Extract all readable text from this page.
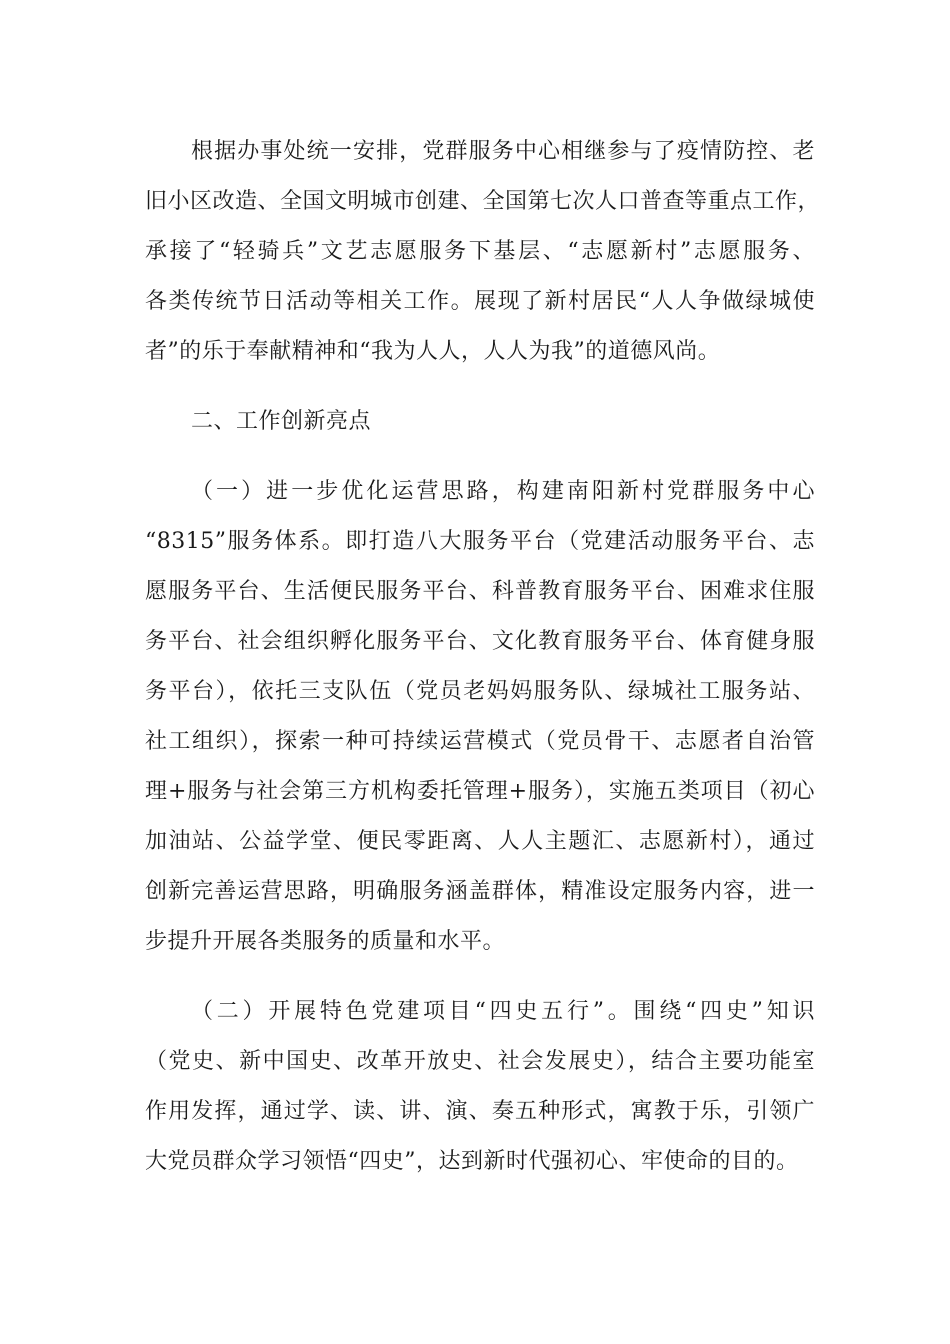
根据办事处统一安排，党群服务中心相继参与了疫情防控、老
旧小区改造、全国文明城市创建、全国第七次人口普查等重点工作，
承接了“轻骑兵”文艺志愿服务下基层、“志愿新村”志愿服务、
各类传统节日活动等相关工作。展现了新村居民“人人争做绿城使
者”的乐于奉献精神和“我为人人，人人为我”的道德风尚。
二、工作创新亮点
（一）进一步优化运营思路，构建南阳新村党群服务中心
“8315”服务体系。即打造八大服务平台（党建活动服务平台、志
愿服务平台、生活便民服务平台、科普教育服务平台、困难求住服
务平台、社会组织孵化服务平台、文化教育服务平台、体育健身服
务平台），依托三支队伍（党员老妈妈服务队、绿城社工服务站、
社工组织），探索一种可持续运营模式（党员骨干、志愿者自治管
理+服务与社会第三方机构委托管理+服务），实施五类项目（初心
加油站、公益学堂、便民零距离、人人主题汇、志愿新村），通过
创新完善运营思路，明确服务涵盖群体，精准设定服务内容，进一
步提升开展各类服务的质量和水平。
（二）开展特色党建项目“四史五行”。围绕“四史”知识
（党史、新中国史、改革开放史、社会发展史），结合主要功能室
作用发挥，通过学、读、讲、演、奏五种形式，寓教于乐，引领广
大党员群众学习领悟“四史”，达到新时代强初心、牢使命的目的。
